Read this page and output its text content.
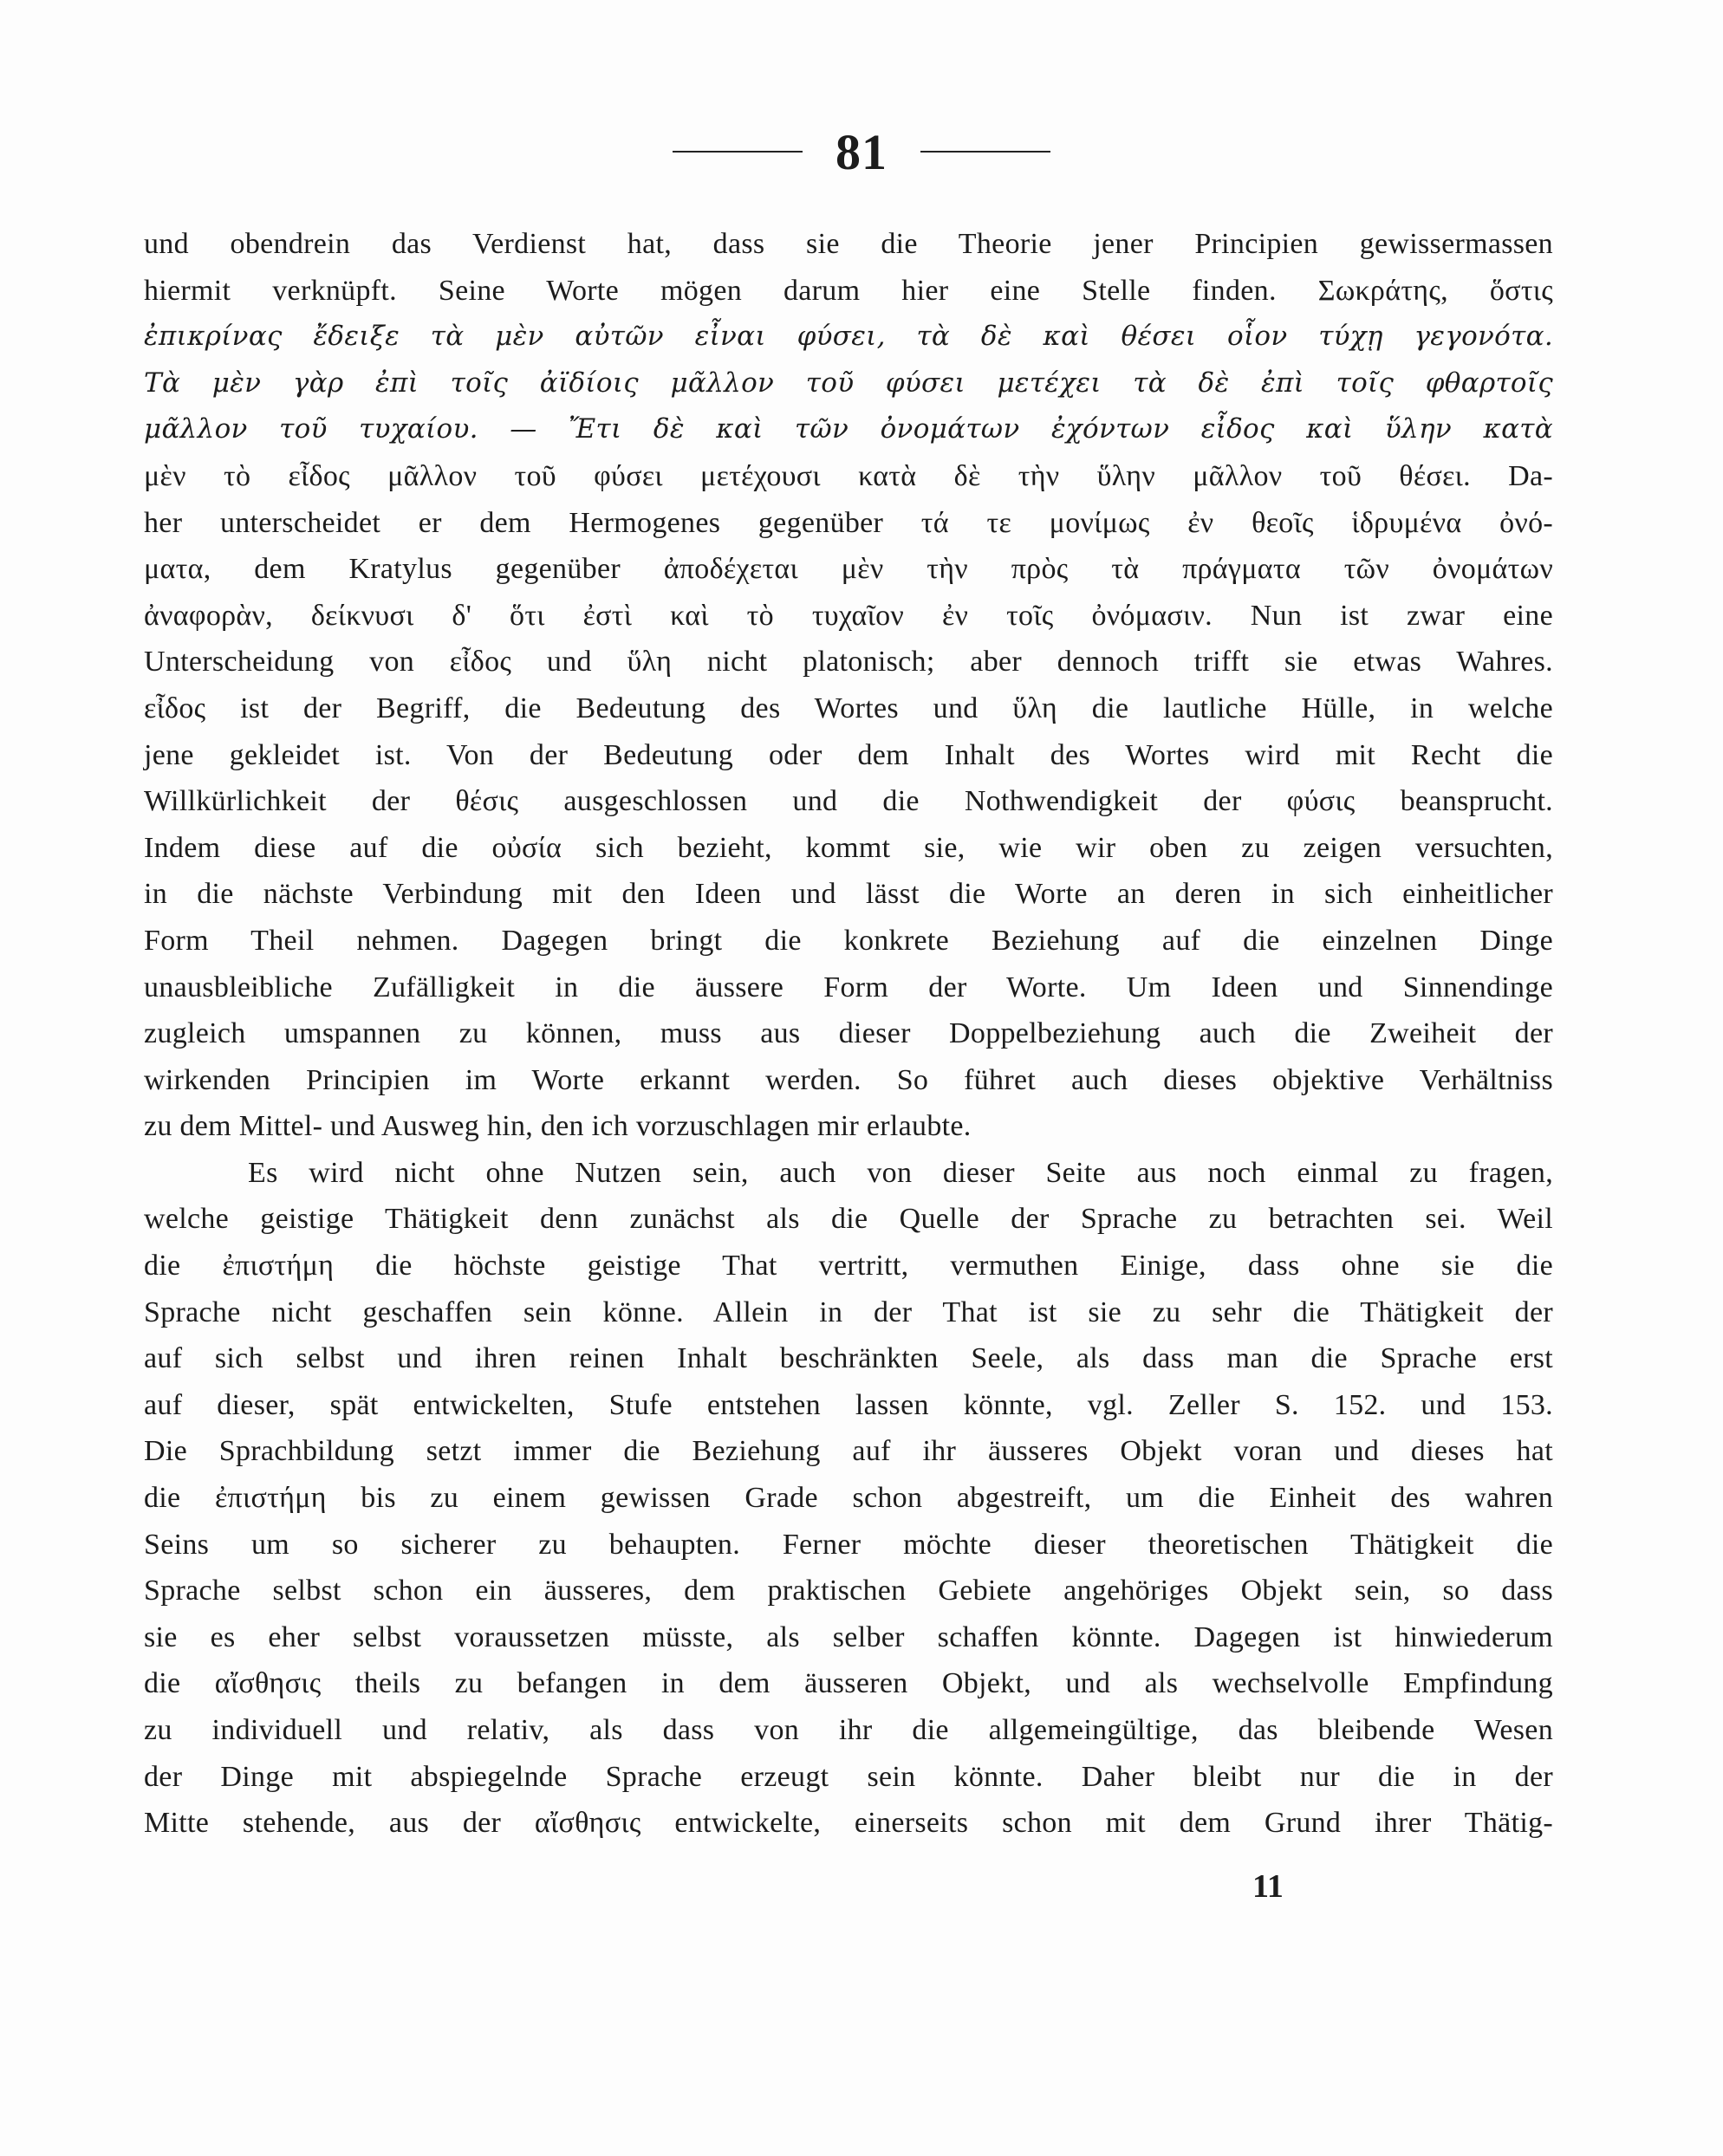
81
und obendrein das Verdienst hat, dass sie die Theorie jener Principien gewissermassen
hiermit verknüpft. Seine Worte mögen darum hier eine Stelle finden. Σωκράτης, ὅστις
ἐπικρίνας ἔδειξε τὰ μὲν αὐτῶν εἶναι φύσει, τὰ δὲ καὶ θέσει οἷον τύχῃ γεγονότα.
Τὰ μὲν γὰρ ἐπὶ τοῖς ἀϊδίοις μᾶλλον τοῦ φύσει μετέχει τὰ δὲ ἐπὶ τοῖς φθαρτοῖς
μᾶλλον τοῦ τυχαίου. — Ἔτι δὲ καὶ τῶν ὀνομάτων ἐχόντων εἶδος καὶ ὕλην κατὰ
μὲν τὸ εἶδος μᾶλλον τοῦ φύσει μετέχουσι κατὰ δὲ τὴν ὕλην μᾶλλον τοῦ θέσει. Da-
her unterscheidet er dem Hermogenes gegenüber τά τε μονίμως ἐν θεοῖς ἱδρυμένα ὀνό-
ματα, dem Kratylus gegenüber ἀποδέχεται μὲν τὴν πρὸς τὰ πράγματα τῶν ὀνομάτων
ἀναφορὰν, δείκνυσι δ' ὅτι ἐστὶ καὶ τὸ τυχαῖον ἐν τοῖς ὀνόμασιν. Nun ist zwar eine
Unterscheidung von εἶδος und ὕλη nicht platonisch; aber dennoch trifft sie etwas Wahres.
εἶδος ist der Begriff, die Bedeutung des Wortes und ὕλη die lautliche Hülle, in welche
jene gekleidet ist. Von der Bedeutung oder dem Inhalt des Wortes wird mit Recht die
Willkürlichkeit der θέσις ausgeschlossen und die Nothwendigkeit der φύσις beansprucht.
Indem diese auf die οὐσία sich bezieht, kommt sie, wie wir oben zu zeigen versuchten,
in die nächste Verbindung mit den Ideen und lässt die Worte an deren in sich einheitlicher
Form Theil nehmen. Dagegen bringt die konkrete Beziehung auf die einzelnen Dinge
unausbleibliche Zufälligkeit in die äussere Form der Worte. Um Ideen und Sinnendinge
zugleich umspannen zu können, muss aus dieser Doppelbeziehung auch die Zweiheit der
wirkenden Principien im Worte erkannt werden. So führet auch dieses objektive Verhältniss
zu dem Mittel- und Ausweg hin, den ich vorzuschlagen mir erlaubte.
Es wird nicht ohne Nutzen sein, auch von dieser Seite aus noch einmal zu fragen,
welche geistige Thätigkeit denn zunächst als die Quelle der Sprache zu betrachten sei. Weil
die ἐπιστήμη die höchste geistige That vertritt, vermuthen Einige, dass ohne sie die
Sprache nicht geschaffen sein könne. Allein in der That ist sie zu sehr die Thätigkeit der
auf sich selbst und ihren reinen Inhalt beschränkten Seele, als dass man die Sprache erst
auf dieser, spät entwickelten, Stufe entstehen lassen könnte, vgl. Zeller S. 152. und 153.
Die Sprachbildung setzt immer die Beziehung auf ihr äusseres Objekt voran und dieses hat
die ἐπιστήμη bis zu einem gewissen Grade schon abgestreift, um die Einheit des wahren
Seins um so sicherer zu behaupten. Ferner möchte dieser theoretischen Thätigkeit die
Sprache selbst schon ein äusseres, dem praktischen Gebiete angehöriges Objekt sein, so dass
sie es eher selbst voraussetzen müsste, als selber schaffen könnte. Dagegen ist hinwiederum
die αἴσθησις theils zu befangen in dem äusseren Objekt, und als wechselvolle Empfindung
zu individuell und relativ, als dass von ihr die allgemeingültige, das bleibende Wesen
der Dinge mit abspiegelnde Sprache erzeugt sein könnte. Daher bleibt nur die in der
Mitte stehende, aus der αἴσθησις entwickelte, einerseits schon mit dem Grund ihrer Thätig-
11
